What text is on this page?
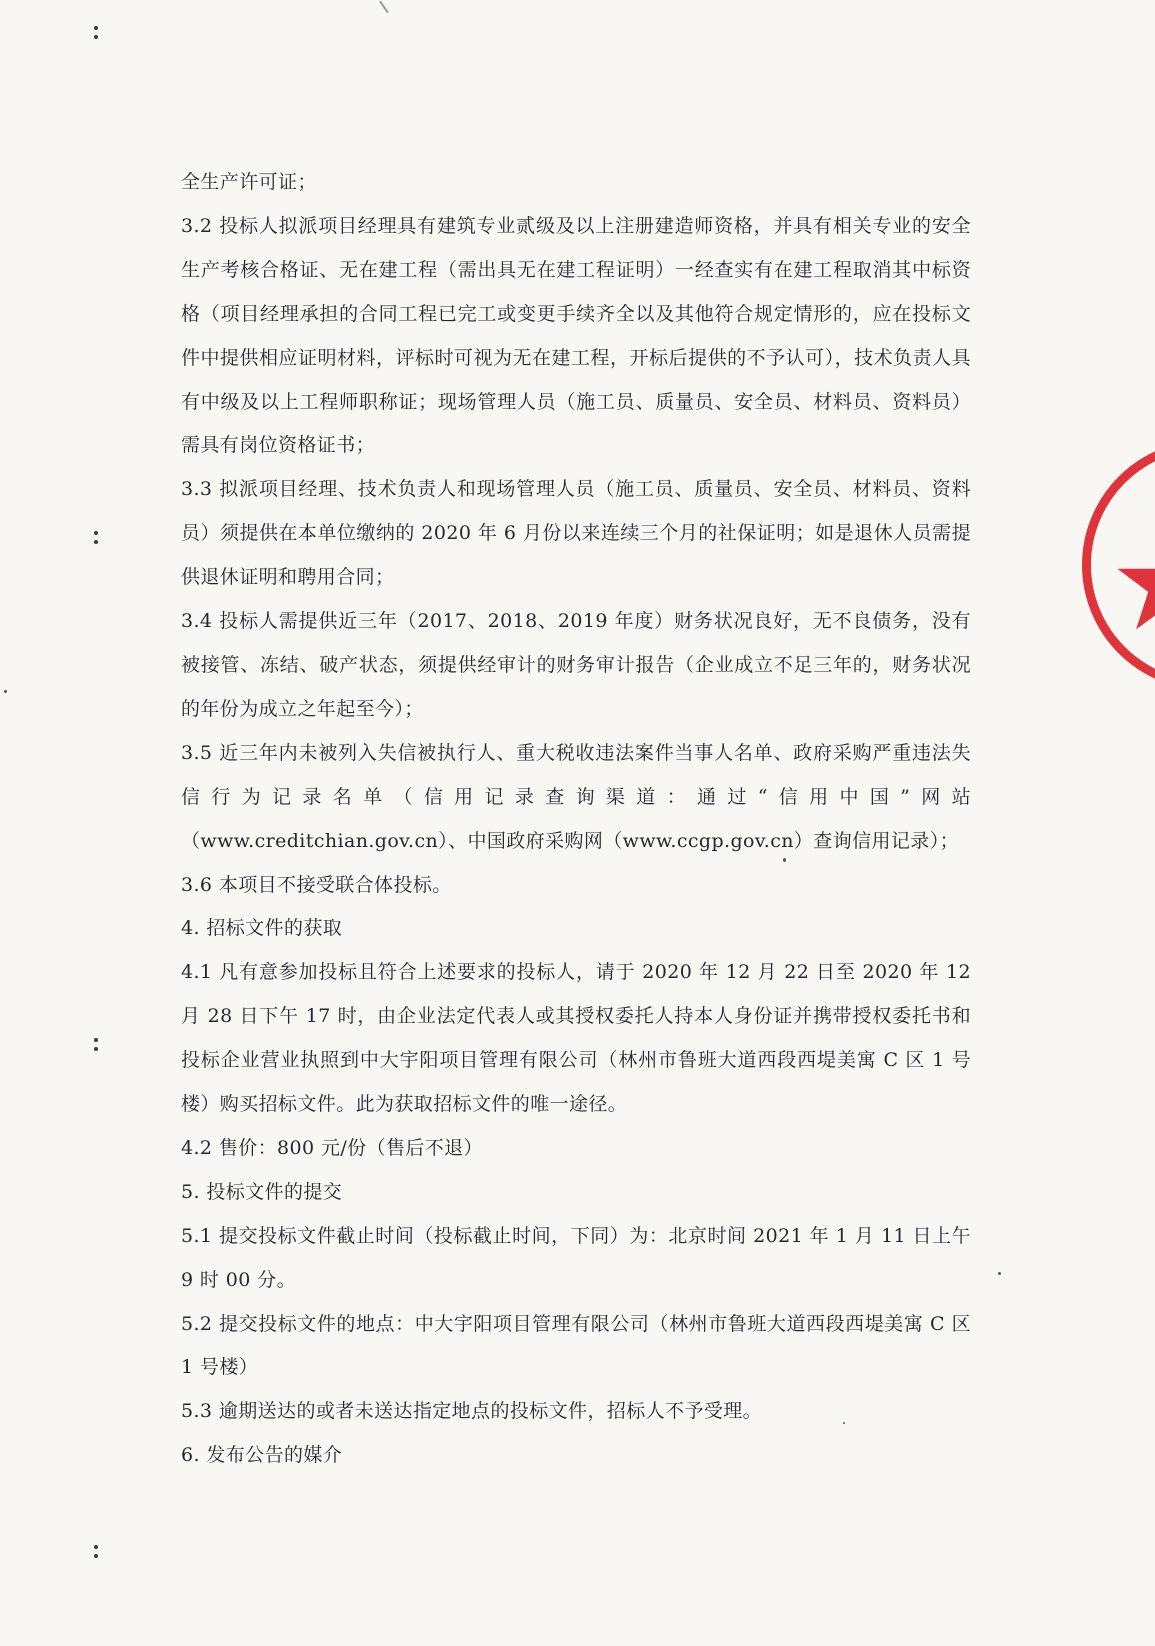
全生产许可证；

3.2 投标人拟派项目经理具有建筑专业贰级及以上注册建造师资格，并具有相关专业的安全生产考核合格证、无在建工程（需出具无在建工程证明）一经查实有在建工程取消其中标资格（项目经理承担的合同工程已完工或变更手续齐全以及其他符合规定情形的，应在投标文件中提供相应证明材料，评标时可视为无在建工程，开标后提供的不予认可），技术负责人具有中级及以上工程师职称证；现场管理人员（施工员、质量员、安全员、材料员、资料员）需具有岗位资格证书；

3.3 拟派项目经理、技术负责人和现场管理人员（施工员、质量员、安全员、材料员、资料员）须提供在本单位缴纳的 2020 年 6 月份以来连续三个月的社保证明；如是退休人员需提供退休证明和聘用合同；

3.4 投标人需提供近三年（2017、2018、2019 年度）财务状况良好，无不良债务，没有被接管、冻结、破产状态，须提供经审计的财务审计报告（企业成立不足三年的，财务状况的年份为成立之年起至今）；

3.5 近三年内未被列入失信被执行人、重大税收违法案件当事人名单、政府采购严重违法失信行为记录名单（信用记录查询渠道：通过“信用中国”网站（www.creditchian.gov.cn）、中国政府采购网（www.ccgp.gov.cn）查询信用记录）；

3.6 本项目不接受联合体投标。

4. 招标文件的获取

4.1 凡有意参加投标且符合上述要求的投标人，请于 2020 年 12 月 22 日至 2020 年 12 月 28 日下午 17 时，由企业法定代表人或其授权委托人持本人身份证并携带授权委托书和投标企业营业执照到中大宇阳项目管理有限公司（林州市鲁班大道西段西堤美寓 C 区 1 号楼）购买招标文件。此为获取招标文件的唯一途径。

4.2 售价：800 元/份（售后不退）

5. 投标文件的提交

5.1 提交投标文件截止时间（投标截止时间，下同）为：北京时间 2021 年 1 月 11 日上午 9 时 00 分。

5.2 提交投标文件的地点：中大宇阳项目管理有限公司（林州市鲁班大道西段西堤美寓 C 区 1 号楼）

5.3 逾期送达的或者未送达指定地点的投标文件，招标人不予受理。

6. 发布公告的媒介
